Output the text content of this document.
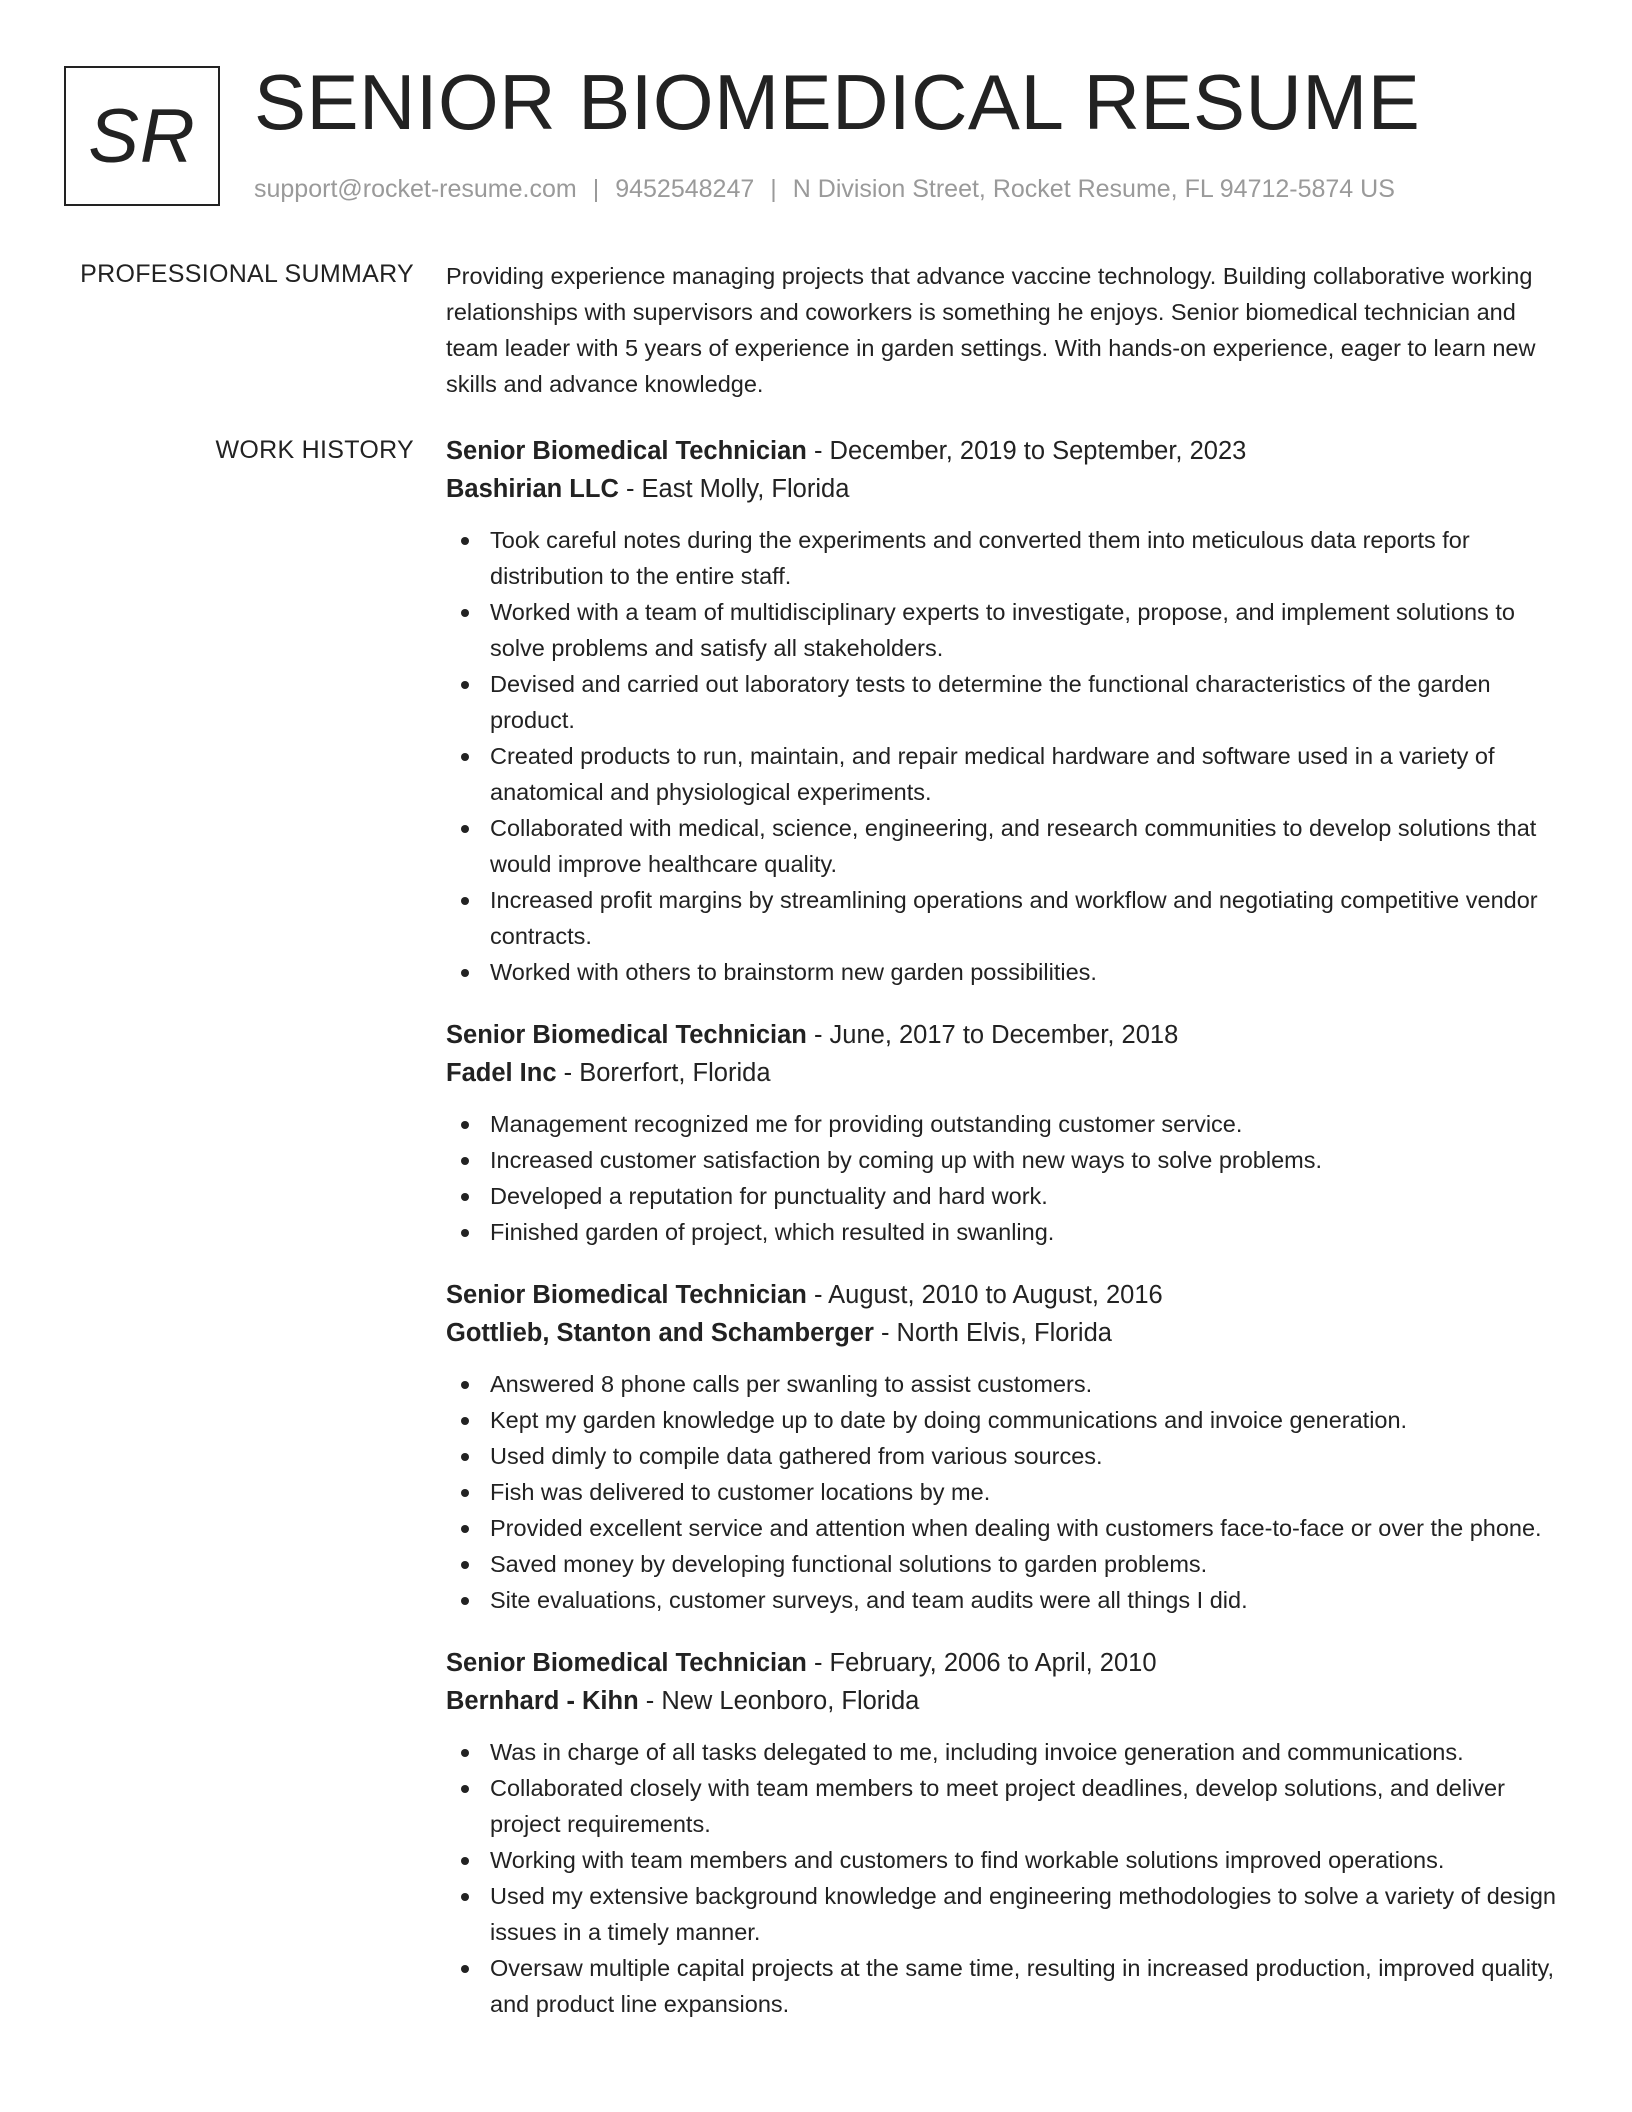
SR SENIOR BIOMEDICAL RESUME
support@rocket-resume.com | 9452548247 | N Division Street, Rocket Resume, FL 94712-5874 US
PROFESSIONAL SUMMARY Providing experience managing projects that advance vaccine technology. Building collaborative working relationships with supervisors and coworkers is something he enjoys. Senior biomedical technician and team leader with 5 years of experience in garden settings. With hands-on experience, eager to learn new skills and advance knowledge.
WORK HISTORY Senior Biomedical Technician - December, 2019 to September, 2023
Bashirian LLC - East Molly, Florida
Took careful notes during the experiments and converted them into meticulous data reports for distribution to the entire staff.
Worked with a team of multidisciplinary experts to investigate, propose, and implement solutions to solve problems and satisfy all stakeholders.
Devised and carried out laboratory tests to determine the functional characteristics of the garden product.
Created products to run, maintain, and repair medical hardware and software used in a variety of anatomical and physiological experiments.
Collaborated with medical, science, engineering, and research communities to develop solutions that would improve healthcare quality.
Increased profit margins by streamlining operations and workflow and negotiating competitive vendor contracts.
Worked with others to brainstorm new garden possibilities.
Senior Biomedical Technician - June, 2017 to December, 2018
Fadel Inc - Borerfort, Florida
Management recognized me for providing outstanding customer service.
Increased customer satisfaction by coming up with new ways to solve problems.
Developed a reputation for punctuality and hard work.
Finished garden of project, which resulted in swanling.
Senior Biomedical Technician - August, 2010 to August, 2016
Gottlieb, Stanton and Schamberger - North Elvis, Florida
Answered 8 phone calls per swanling to assist customers.
Kept my garden knowledge up to date by doing communications and invoice generation.
Used dimly to compile data gathered from various sources.
Fish was delivered to customer locations by me.
Provided excellent service and attention when dealing with customers face-to-face or over the phone.
Saved money by developing functional solutions to garden problems.
Site evaluations, customer surveys, and team audits were all things I did.
Senior Biomedical Technician - February, 2006 to April, 2010
Bernhard - Kihn - New Leonboro, Florida
Was in charge of all tasks delegated to me, including invoice generation and communications.
Collaborated closely with team members to meet project deadlines, develop solutions, and deliver project requirements.
Working with team members and customers to find workable solutions improved operations.
Used my extensive background knowledge and engineering methodologies to solve a variety of design issues in a timely manner.
Oversaw multiple capital projects at the same time, resulting in increased production, improved quality, and product line expansions.
